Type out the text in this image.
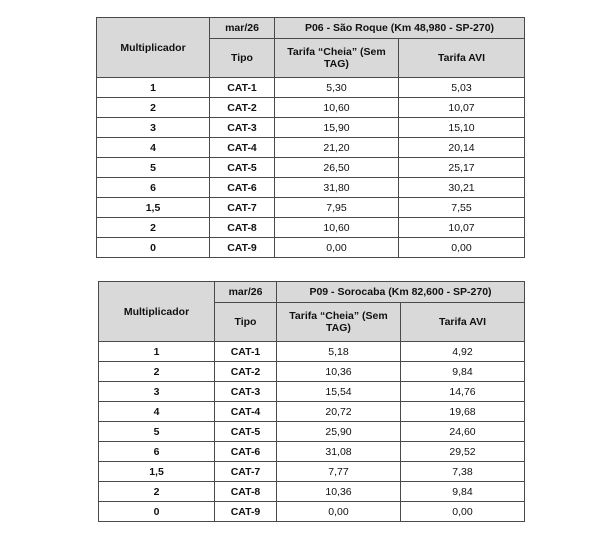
Multiplicador	mar/26	P06 - São Roque (Km 48,980 - SP-270)	
	Tipo	Tarifa “Cheia” (Sem TAG)	Tarifa AVI
1	CAT-1	5,30	5,03
2	CAT-2	10,60	10,07
3	CAT-3	15,90	15,10
4	CAT-4	21,20	20,14
5	CAT-5	26,50	25,17
6	CAT-6	31,80	30,21
1,5	CAT-7	7,95	7,55
2	CAT-8	10,60	10,07
0	CAT-9	0,00	0,00
Multiplicador	mar/26	P09 - Sorocaba (Km 82,600 - SP-270)	
	Tipo	Tarifa “Cheia” (Sem TAG)	Tarifa AVI
1	CAT-1	5,18	4,92
2	CAT-2	10,36	9,84
3	CAT-3	15,54	14,76
4	CAT-4	20,72	19,68
5	CAT-5	25,90	24,60
6	CAT-6	31,08	29,52
1,5	CAT-7	7,77	7,38
2	CAT-8	10,36	9,84
0	CAT-9	0,00	0,00
